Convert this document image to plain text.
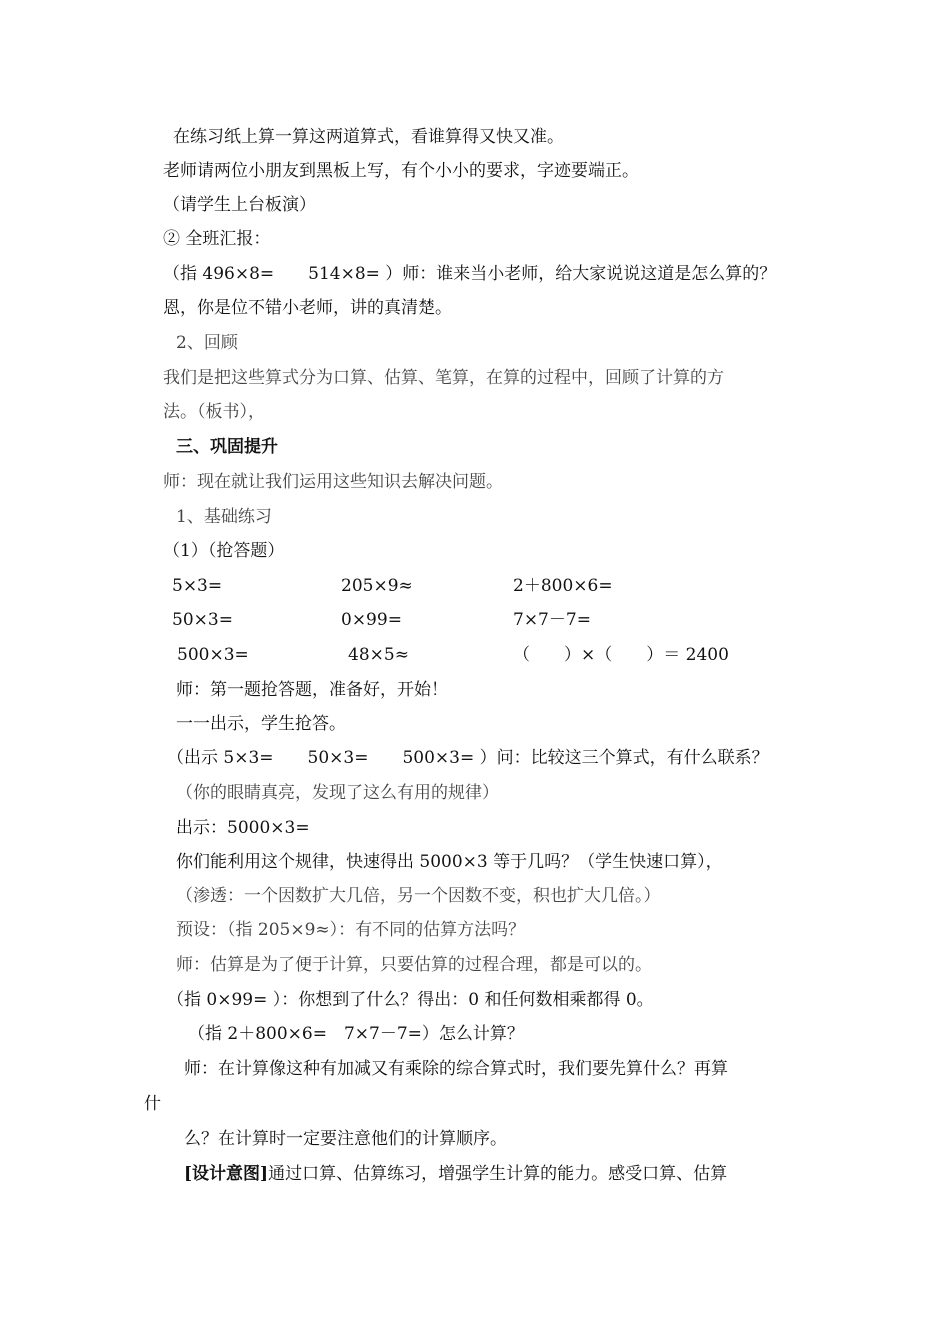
在练习纸上算一算这两道算式，看谁算得又快又准。
老师请两位小朋友到黑板上写，有个小小的要求，字迹要端正。
（请学生上台板演）
② 全班汇报：
（指 496×8=　　514×8= ）师：谁来当小老师，给大家说说这道是怎么算的？
恩，你是位不错小老师，讲的真清楚。
2、回顾
我们是把这些算式分为口算、估算、笔算，在算的过程中，回顾了计算的方
法。（板书），
三、巩固提升
师：现在就让我们运用这些知识去解决问题。
1、基础练习
（1）（抢答题）
5×3=	205×9≈	2＋800×6=
50×3=	0×99=	7×7－7=
500×3=	48×5≈	（　　）×（　　）＝ 2400
师：第一题抢答题，准备好，开始！
一一出示，学生抢答。
（出示 5×3=　　50×3=　　500×3= ）问：比较这三个算式，有什么联系？
（你的眼睛真亮，发现了这么有用的规律）
出示：5000×3=
你们能利用这个规律，快速得出 5000×3 等于几吗？（学生快速口算），
（渗透：一个因数扩大几倍，另一个因数不变，积也扩大几倍。）
预设：（指 205×9≈）：有不同的估算方法吗？
师：估算是为了便于计算，只要估算的过程合理，都是可以的。
（指 0×99= ）：你想到了什么？得出：0 和任何数相乘都得 0。
（指 2＋800×6=　7×7－7=）怎么计算？
师：在计算像这种有加减又有乘除的综合算式时，我们要先算什么？再算
什
么？在计算时一定要注意他们的计算顺序。
[设计意图]通过口算、估算练习，增强学生计算的能力。感受口算、估算
